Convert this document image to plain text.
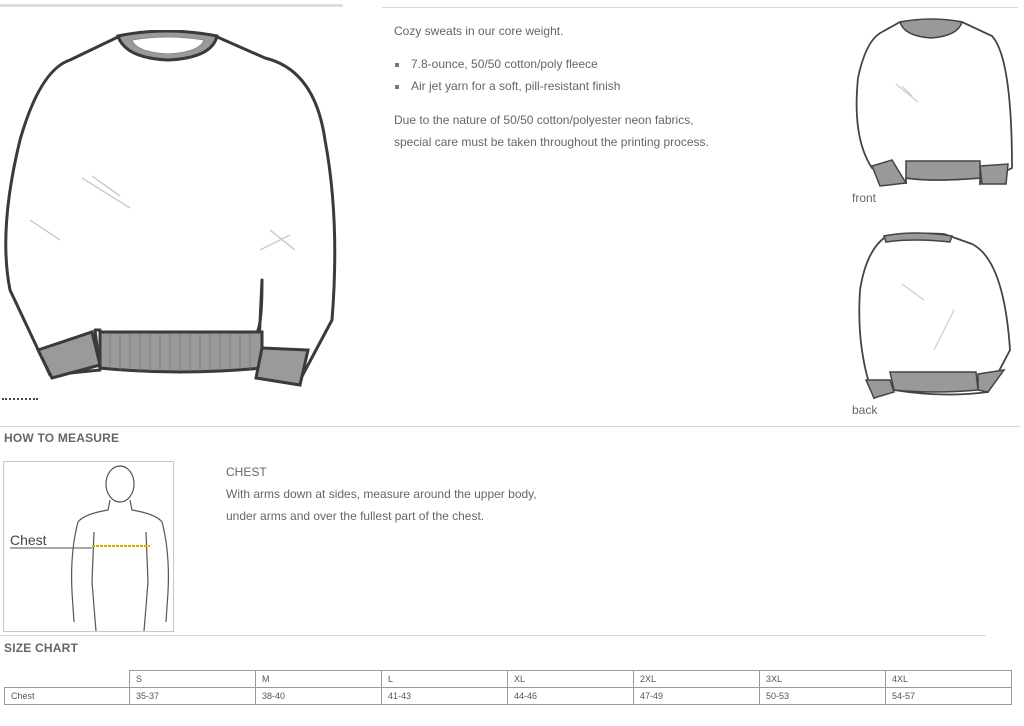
Cozy sweats in our core weight.
7.8-ounce, 50/50 cotton/poly fleece
Air jet yarn for a soft, pill-resistant finish
Due to the nature of 50/50 cotton/polyester neon fabrics,
special care must be taken throughout the printing process.
front
back
HOW TO MEASURE
Chest
CHEST
With arms down at sides, measure around the upper body,
under arms and over the fullest part of the chest.
SIZE CHART
	S	M	L	XL	2XL	3XL	4XL
Chest	35-37	38-40	41-43	44-46	47-49	50-53	54-57
